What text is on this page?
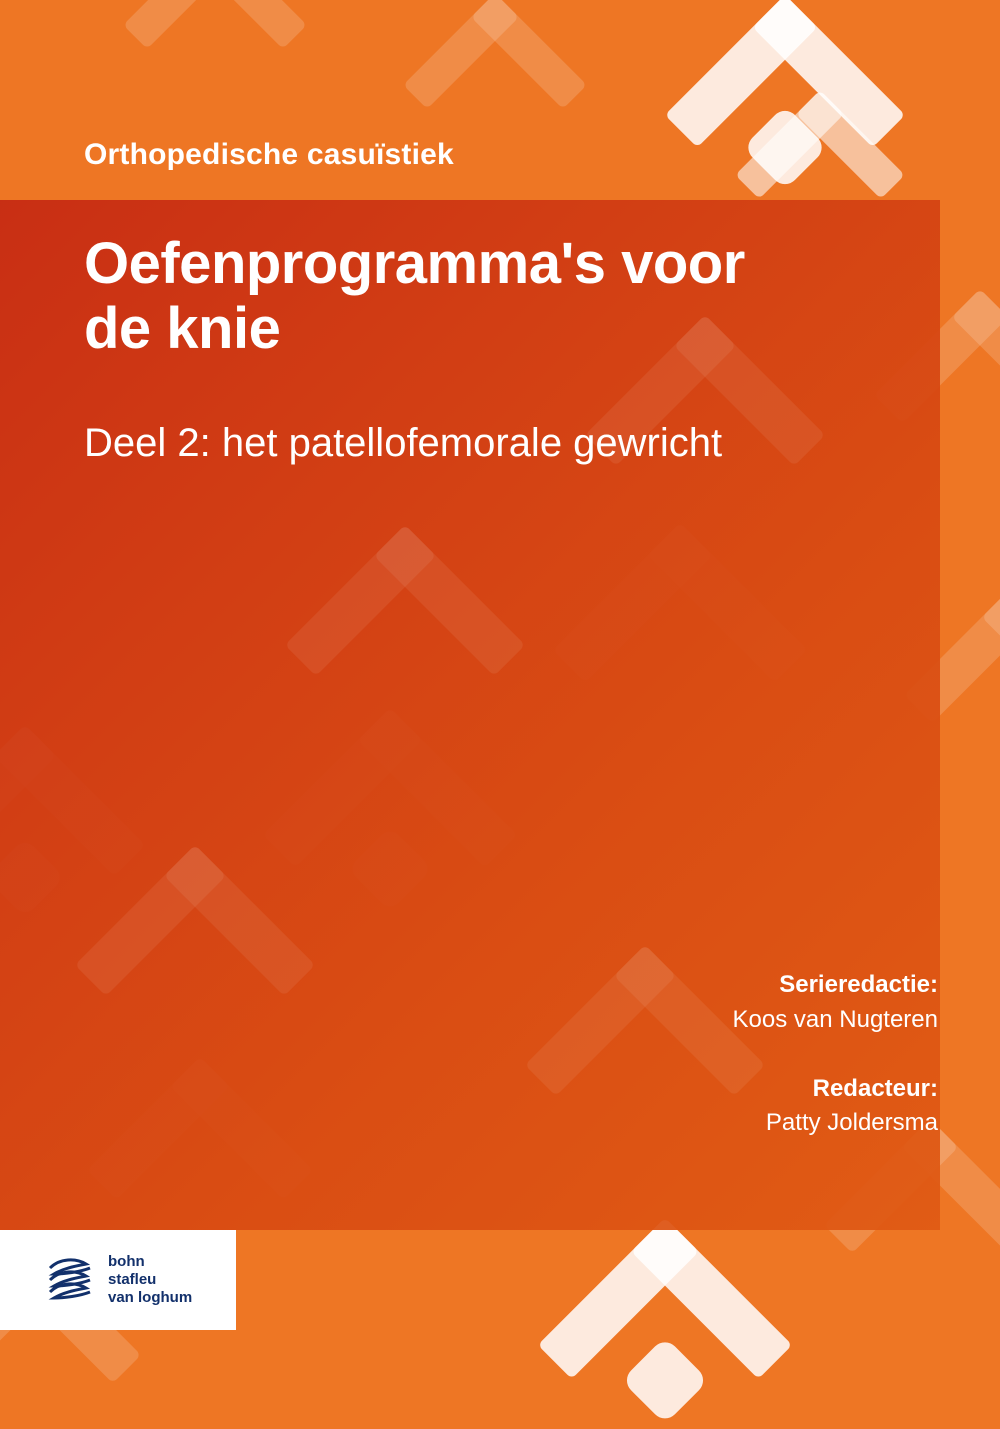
Orthopedische casuïstiek
Oefenprogramma's voor de knie
Deel 2: het patellofemorale gewricht
Serieredactie:
Koos van Nugteren
Redacteur:
Patty Joldersma
bohn
stafleu
van loghum
